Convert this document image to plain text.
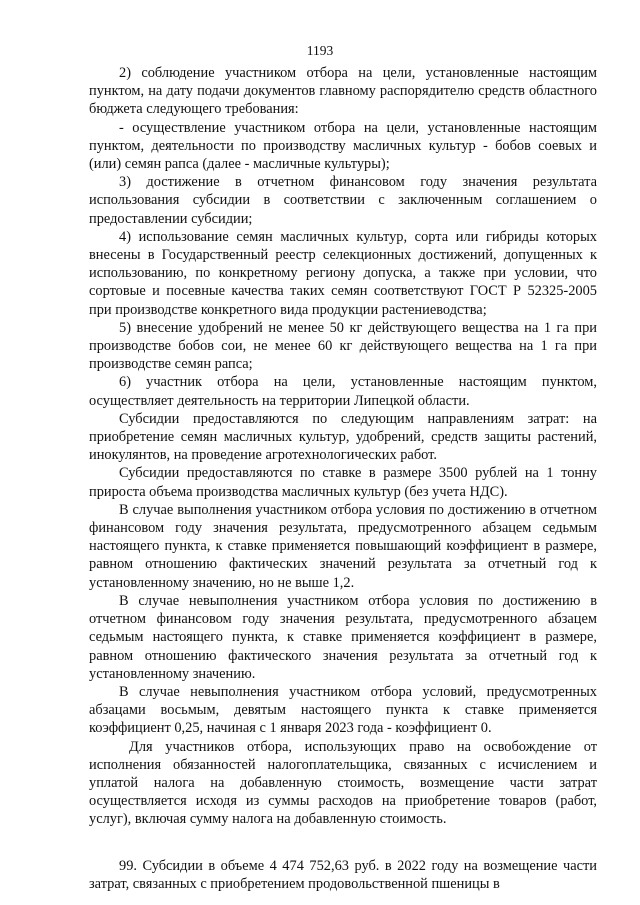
1193

2) соблюдение участником отбора на цели, установленные настоящим пунктом, на дату подачи документов главному распорядителю средств областного бюджета следующего требования:

- осуществление участником отбора на цели, установленные настоящим пунктом, деятельности по производству масличных культур - бобов соевых и (или) семян рапса (далее - масличные культуры);

3) достижение в отчетном финансовом году значения результата использования субсидии в соответствии с заключенным соглашением о предоставлении субсидии;

4) использование семян масличных культур, сорта или гибриды которых внесены в Государственный реестр селекционных достижений, допущенных к использованию, по конкретному региону допуска, а также при условии, что сортовые и посевные качества таких семян соответствуют ГОСТ Р 52325-2005 при производстве конкретного вида продукции растениеводства;

5) внесение удобрений не менее 50 кг действующего вещества на 1 га при производстве бобов сои, не менее 60 кг действующего вещества на 1 га при производстве семян рапса;

6) участник отбора на цели, установленные настоящим пунктом, осуществляет деятельность на территории Липецкой области.

Субсидии предоставляются по следующим направлениям затрат: на приобретение семян масличных культур, удобрений, средств защиты растений, инокулянтов, на проведение агротехнологических работ.

Субсидии предоставляются по ставке в размере 3500 рублей на 1 тонну прироста объема производства масличных культур (без учета НДС).

В случае выполнения участником отбора условия по достижению в отчетном финансовом году значения результата, предусмотренного абзацем седьмым настоящего пункта, к ставке применяется повышающий коэффициент в размере, равном отношению фактических значений результата за отчетный год к установленному значению, но не выше 1,2.

В случае невыполнения участником отбора условия по достижению в отчетном финансовом году значения результата, предусмотренного абзацем седьмым настоящего пункта, к ставке применяется коэффициент в размере, равном отношению фактического значения результата за отчетный год к установленному значению.

В случае невыполнения участником отбора условий, предусмотренных абзацами восьмым, девятым настоящего пункта к ставке применяется коэффициент 0,25, начиная с 1 января 2023 года - коэффициент 0.

Для участников отбора, использующих право на освобождение от исполнения обязанностей налогоплательщика, связанных с исчислением и уплатой налога на добавленную стоимость, возмещение части затрат осуществляется исходя из суммы расходов на приобретение товаров (работ, услуг), включая сумму налога на добавленную стоимость.

99. Субсидии в объеме 4 474 752,63 руб. в 2022 году на возмещение части затрат, связанных с приобретением продовольственной пшеницы в
